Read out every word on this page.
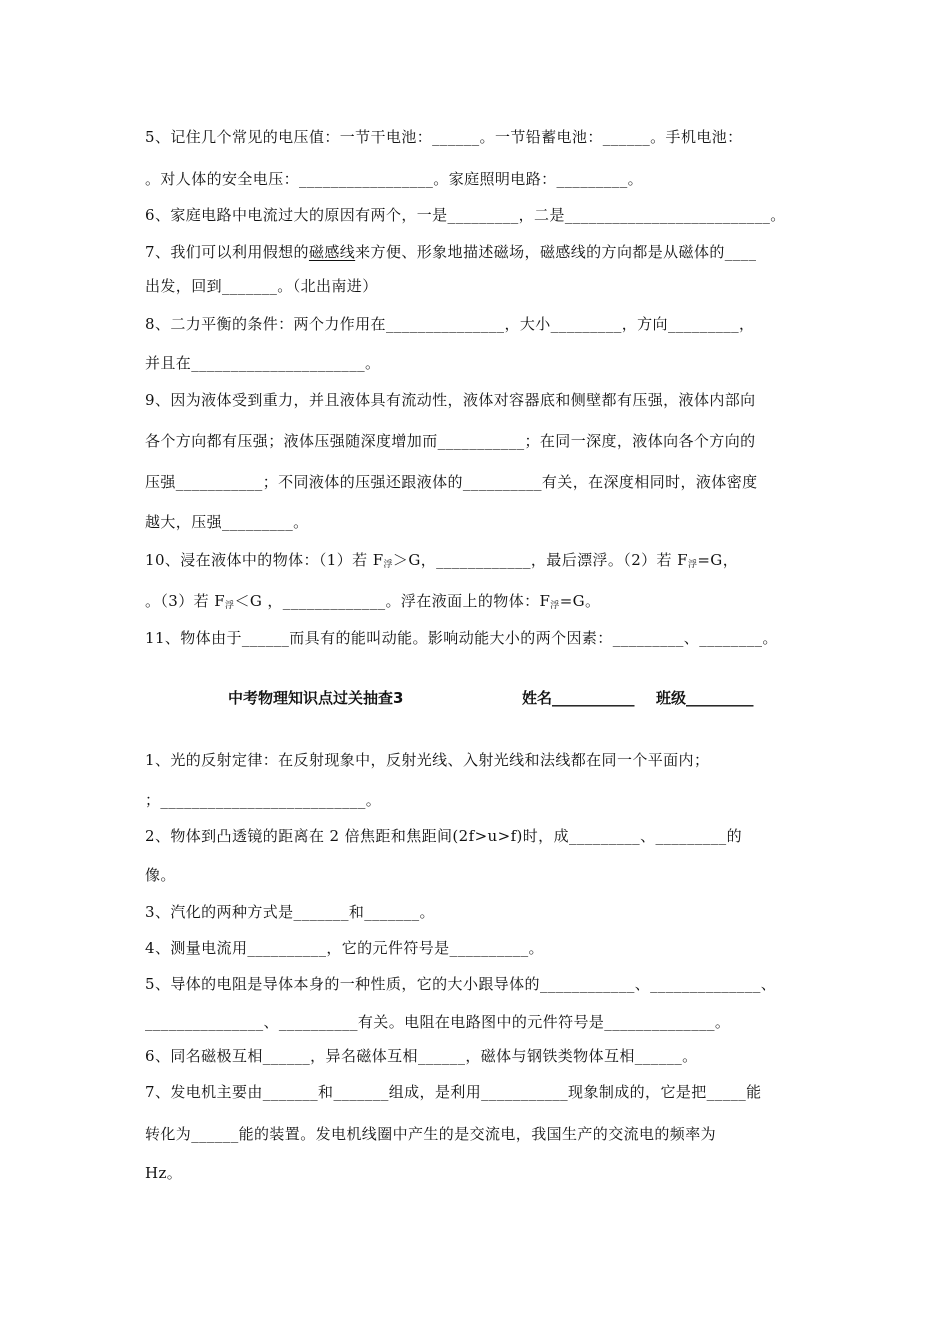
5、记住几个常见的电压值：一节干电池：______。一节铅蓄电池：______。手机电池：
。对人体的安全电压：_________________。家庭照明电路：_________。
6、家庭电路中电流过大的原因有两个，一是_________，二是__________________________。
7、我们可以利用假想的磁感线来方便、形象地描述磁场，磁感线的方向都是从磁体的____
出发，回到_______。（北出南进）
8、二力平衡的条件：两个力作用在_______________，大小_________，方向_________，
并且在______________________。
9、因为液体受到重力，并且液体具有流动性，液体对容器底和侧壁都有压强，液体内部向
各个方向都有压强；液体压强随深度增加而___________；在同一深度，液体向各个方向的
压强___________；不同液体的压强还跟液体的__________有关，在深度相同时，液体密度
越大，压强_________。
10、浸在液体中的物体：（1）若 $F_浮>G$，____________，最后漂浮。（2）若 $F_浮=G$，
。（3）若 $F_浮<G$ ，_____________。浮在液面上的物体：$F_浮=G$。
11、物体由于______而具有的能叫动能。影响动能大小的两个因素：_________、________。
中考物理知识点过关抽查3	姓名___________ 班级_________
1、光的反射定律：在反射现象中，反射光线、入射光线和法线都在同一个平面内；
；__________________________。
2、物体到凸透镜的距离在 2 倍焦距和焦距间(2f>u>f)时，成_________、_________的
像。
3、汽化的两种方式是_______和_______。
4、测量电流用__________，它的元件符号是__________。
5、导体的电阻是导体本身的一种性质，它的大小跟导体的____________、______________、
_______________、__________有关。电阻在电路图中的元件符号是______________。
6、同名磁极互相______，异名磁体互相______，磁体与钢铁类物体互相______。
7、发电机主要由_______和_______组成，是利用___________现象制成的，它是把_____能
转化为______能的装置。发电机线圈中产生的是交流电，我国生产的交流电的频率为
Hz。
